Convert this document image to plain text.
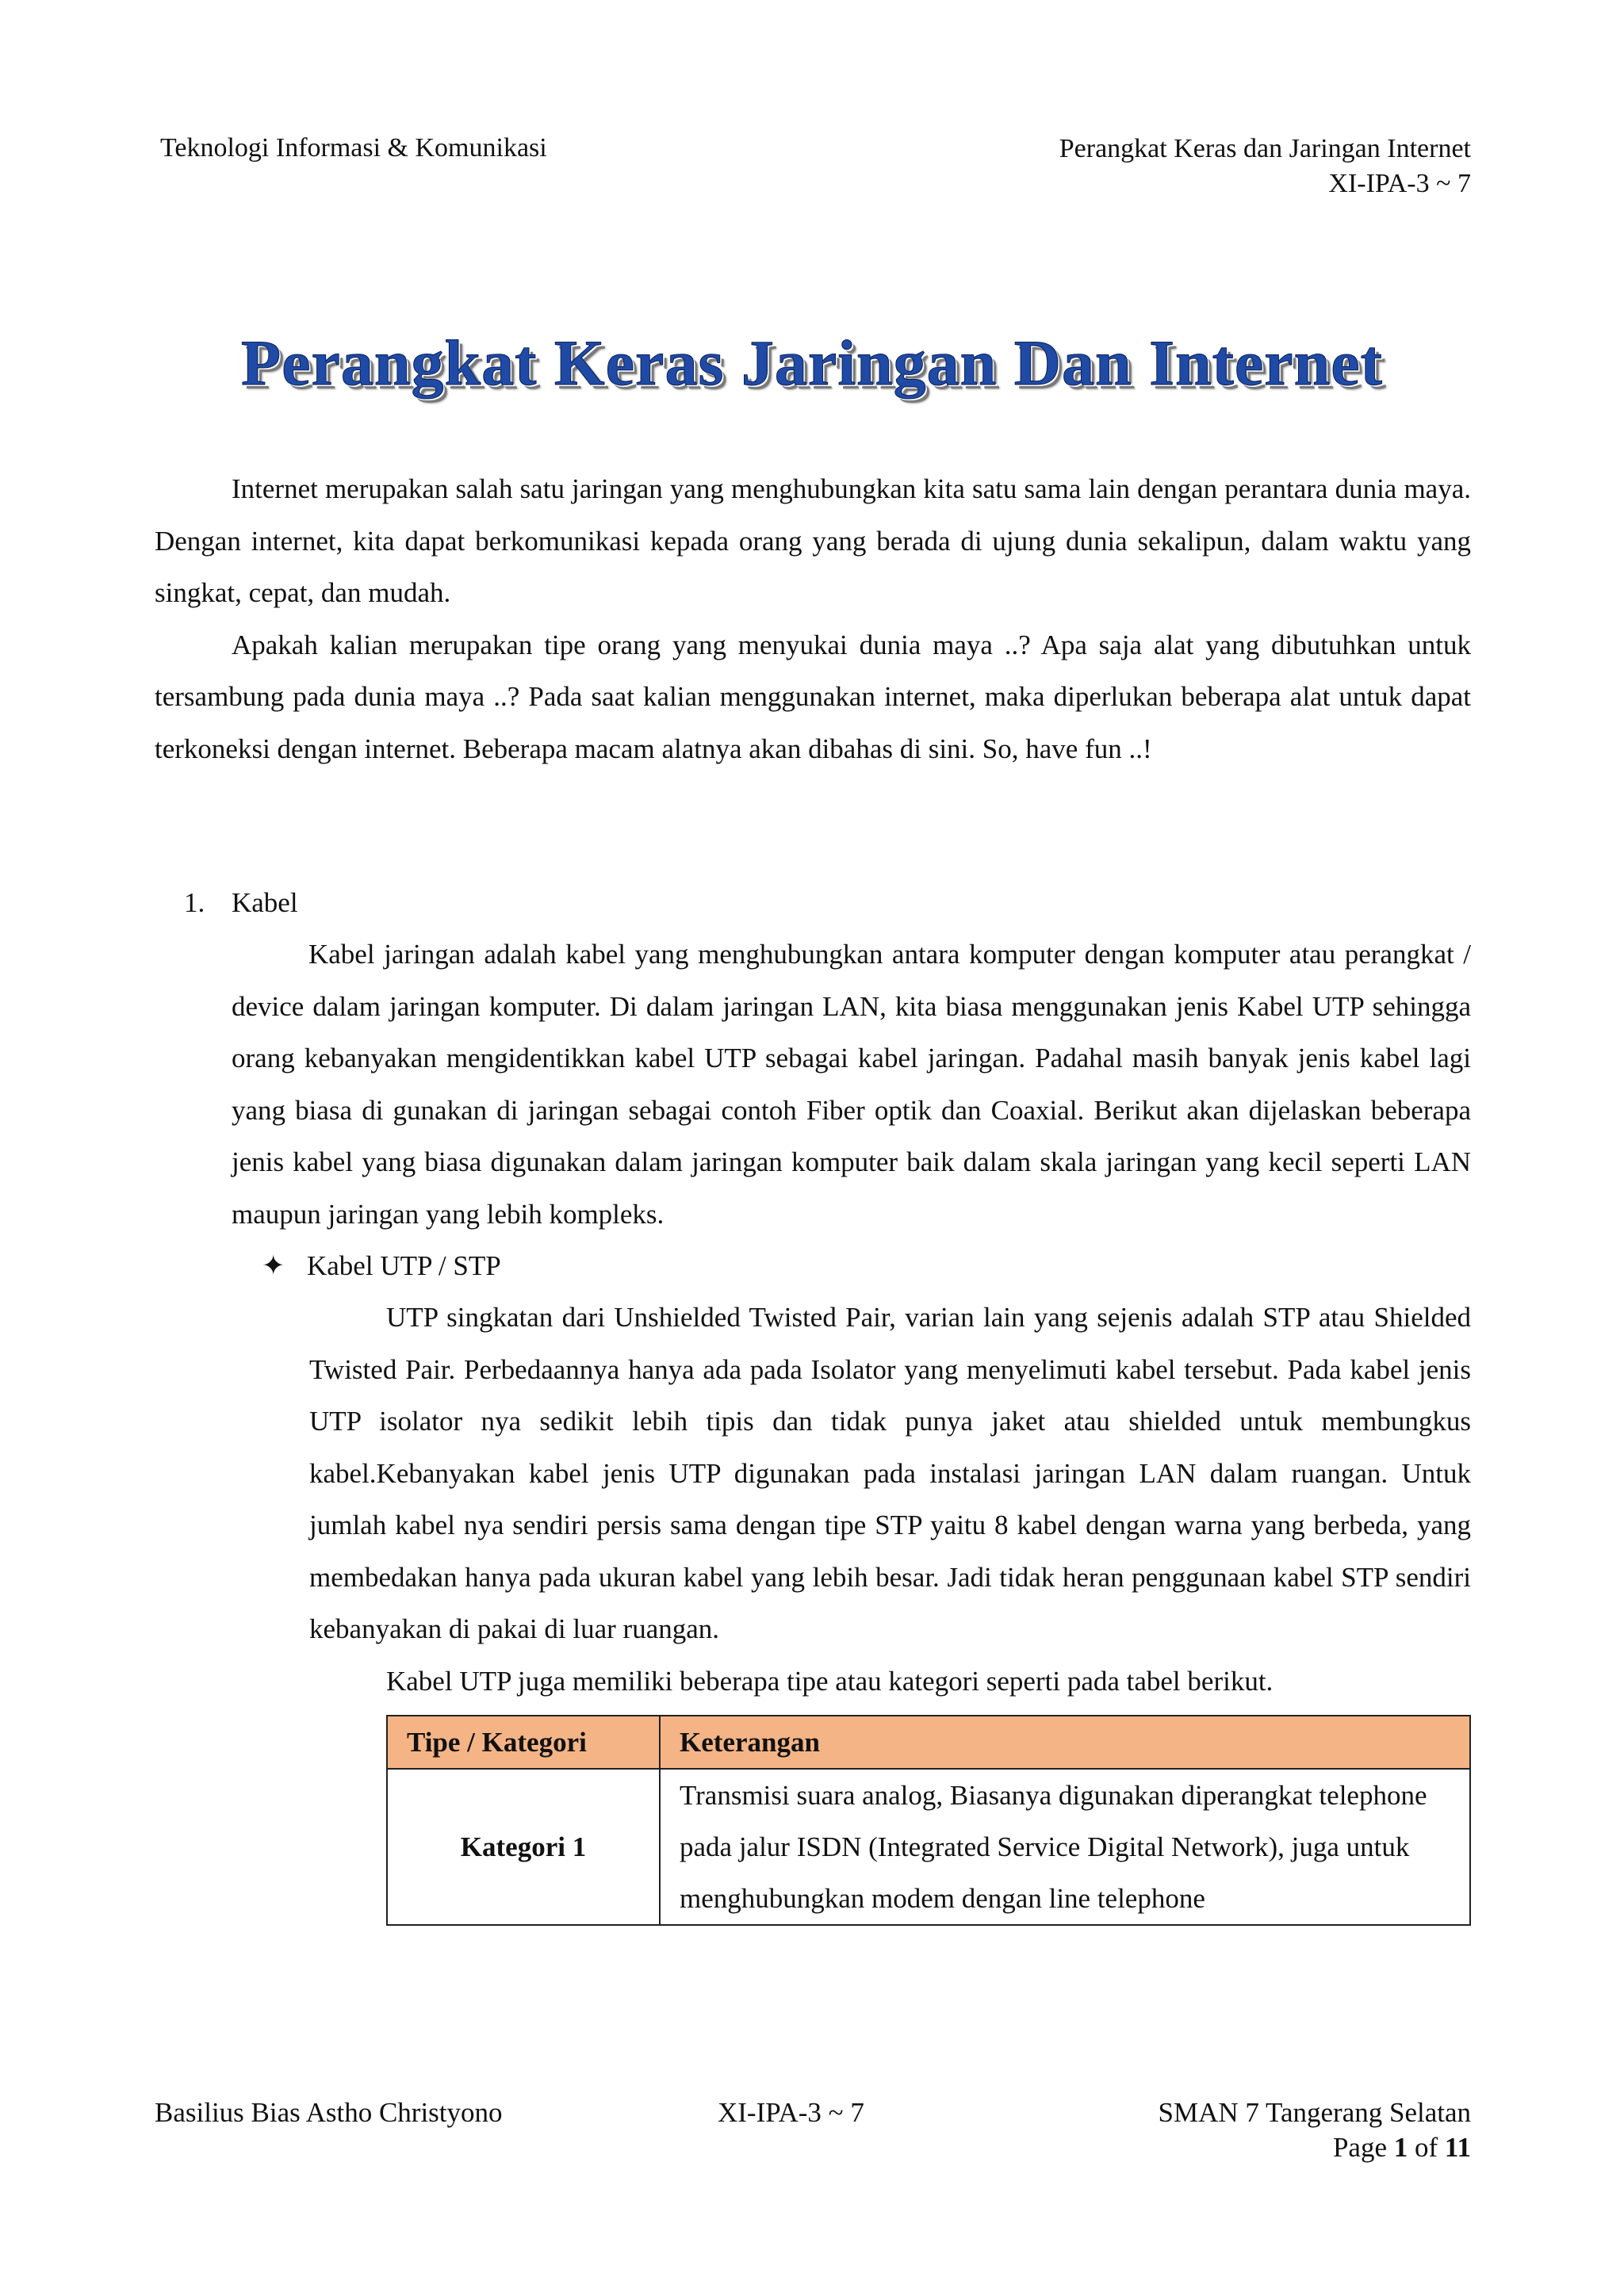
Teknologi Informasi & Komunikasi	Perangkat Keras dan Jaringan Internet
XI-IPA-3 ~ 7
Perangkat Keras Jaringan Dan Internet

Internet merupakan salah satu jaringan yang menghubungkan kita satu sama lain dengan perantara dunia maya. Dengan internet, kita dapat berkomunikasi kepada orang yang berada di ujung dunia sekalipun, dalam waktu yang singkat, cepat, dan mudah.

Apakah kalian merupakan tipe orang yang menyukai dunia maya ..? Apa saja alat yang dibutuhkan untuk tersambung pada dunia maya ..? Pada saat kalian menggunakan internet, maka diperlukan beberapa alat untuk dapat terkoneksi dengan internet. Beberapa macam alatnya akan dibahas di sini. So, have fun ..!

1. Kabel

Kabel jaringan adalah kabel yang menghubungkan antara komputer dengan komputer atau perangkat / device dalam jaringan komputer. Di dalam jaringan LAN, kita biasa menggunakan jenis Kabel UTP sehingga orang kebanyakan mengidentikkan kabel UTP sebagai kabel jaringan. Padahal masih banyak jenis kabel lagi yang biasa di gunakan di jaringan sebagai contoh Fiber optik dan Coaxial. Berikut akan dijelaskan beberapa jenis kabel yang biasa digunakan dalam jaringan komputer baik dalam skala jaringan yang kecil seperti LAN maupun jaringan yang lebih kompleks.

✦ Kabel UTP / STP

UTP singkatan dari Unshielded Twisted Pair, varian lain yang sejenis adalah STP atau Shielded Twisted Pair. Perbedaannya hanya ada pada Isolator yang menyelimuti kabel tersebut. Pada kabel jenis UTP isolator nya sedikit lebih tipis dan tidak punya jaket atau shielded untuk membungkus kabel.Kebanyakan kabel jenis UTP digunakan pada instalasi jaringan LAN dalam ruangan. Untuk jumlah kabel nya sendiri persis sama dengan tipe STP yaitu 8 kabel dengan warna yang berbeda, yang membedakan hanya pada ukuran kabel yang lebih besar. Jadi tidak heran penggunaan kabel STP sendiri kebanyakan di pakai di luar ruangan.

Kabel UTP juga memiliki beberapa tipe atau kategori seperti pada tabel berikut.

Tipe / Kategori	Keterangan
Kategori 1	Transmisi suara analog, Biasanya digunakan diperangkat telephone pada jalur ISDN (Integrated Service Digital Network), juga untuk menghubungkan modem dengan line telephone
Basilius Bias Astho Christyono	XI-IPA-3 ~ 7	SMAN 7 Tangerang Selatan
Page 1 of 11
